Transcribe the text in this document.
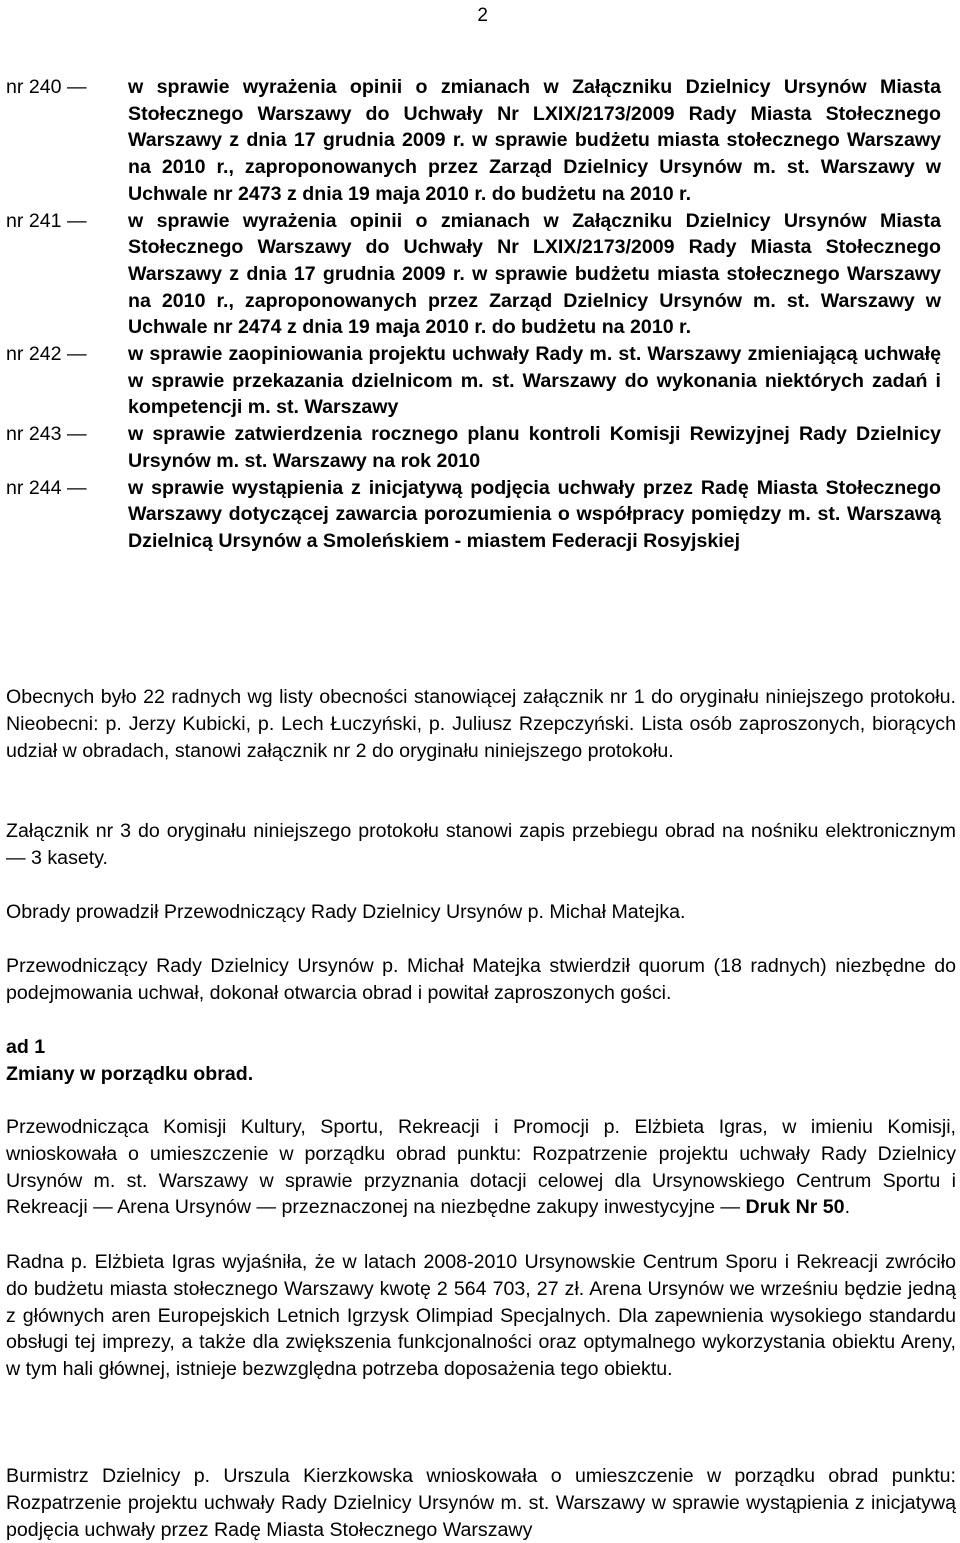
2
nr 240 ―	w sprawie wyrażenia opinii o zmianach w Załączniku Dzielnicy Ursynów Miasta Stołecznego Warszawy do Uchwały Nr LXIX/2173/2009 Rady Miasta Stołecznego Warszawy z dnia 17 grudnia 2009 r. w sprawie budżetu miasta stołecznego Warszawy na 2010 r., zaproponowanych przez Zarząd Dzielnicy Ursynów m. st. Warszawy w Uchwale nr 2473 z dnia 19 maja 2010 r. do budżetu na 2010 r.
nr 241 ―	w sprawie wyrażenia opinii o zmianach w Załączniku Dzielnicy Ursynów Miasta Stołecznego Warszawy do Uchwały Nr LXIX/2173/2009 Rady Miasta Stołecznego Warszawy z dnia 17 grudnia 2009 r. w sprawie budżetu miasta stołecznego Warszawy na 2010 r., zaproponowanych przez Zarząd Dzielnicy Ursynów m. st. Warszawy w Uchwale nr 2474 z dnia 19 maja 2010 r. do budżetu na 2010 r.
nr 242 ―	w sprawie zaopiniowania projektu uchwały Rady m. st. Warszawy zmieniającą uchwałę w sprawie przekazania dzielnicom m. st. Warszawy do wykonania niektórych zadań i kompetencji m. st. Warszawy
nr 243 ―	w sprawie zatwierdzenia rocznego planu kontroli Komisji Rewizyjnej Rady Dzielnicy Ursynów m. st. Warszawy na rok 2010
nr 244 ―	w sprawie wystąpienia z inicjatywą podjęcia uchwały przez Radę Miasta Stołecznego Warszawy dotyczącej zawarcia porozumienia o współpracy pomiędzy m. st. Warszawą Dzielnicą Ursynów a Smoleńskiem - miastem Federacji Rosyjskiej
Obecnych było 22 radnych wg listy obecności stanowiącej załącznik nr 1 do oryginału niniejszego protokołu. Nieobecni: p. Jerzy Kubicki, p. Lech Łuczyński, p. Juliusz Rzepczyński. Lista osób zaproszonych, biorących udział w obradach, stanowi załącznik nr 2 do oryginału niniejszego protokołu.
Załącznik nr 3 do oryginału niniejszego protokołu stanowi zapis przebiegu obrad na nośniku elektronicznym ― 3 kasety.
Obrady prowadził Przewodniczący Rady Dzielnicy Ursynów p. Michał Matejka.
Przewodniczący Rady Dzielnicy Ursynów p. Michał Matejka stwierdził quorum (18 radnych) niezbędne do podejmowania uchwał, dokonał otwarcia obrad i powitał zaproszonych gości.
ad 1
Zmiany w porządku obrad.
Przewodnicząca Komisji Kultury, Sportu, Rekreacji i Promocji p. Elżbieta Igras, w imieniu Komisji, wnioskowała o umieszczenie w porządku obrad punktu: Rozpatrzenie projektu uchwały Rady Dzielnicy Ursynów m. st. Warszawy w sprawie przyznania dotacji celowej dla Ursynowskiego Centrum Sportu i Rekreacji ― Arena Ursynów ― przeznaczonej na niezbędne zakupy inwestycyjne ― Druk Nr 50.
Radna p. Elżbieta Igras wyjaśniła, że w latach 2008-2010 Ursynowskie Centrum Sporu i Rekreacji zwróciło do budżetu miasta stołecznego Warszawy kwotę 2 564 703, 27 zł. Arena Ursynów we wrześniu będzie jedną z głównych aren Europejskich Letnich Igrzysk Olimpiad Specjalnych. Dla zapewnienia wysokiego standardu obsługi tej imprezy, a także dla zwiększenia funkcjonalności oraz optymalnego wykorzystania obiektu Areny, w tym hali głównej, istnieje bezwzględna potrzeba doposażenia tego obiektu.
Burmistrz Dzielnicy p. Urszula Kierzkowska wnioskowała o umieszczenie w porządku obrad punktu: Rozpatrzenie projektu uchwały Rady Dzielnicy Ursynów m. st. Warszawy w sprawie wystąpienia z inicjatywą podjęcia uchwały przez Radę Miasta Stołecznego Warszawy
